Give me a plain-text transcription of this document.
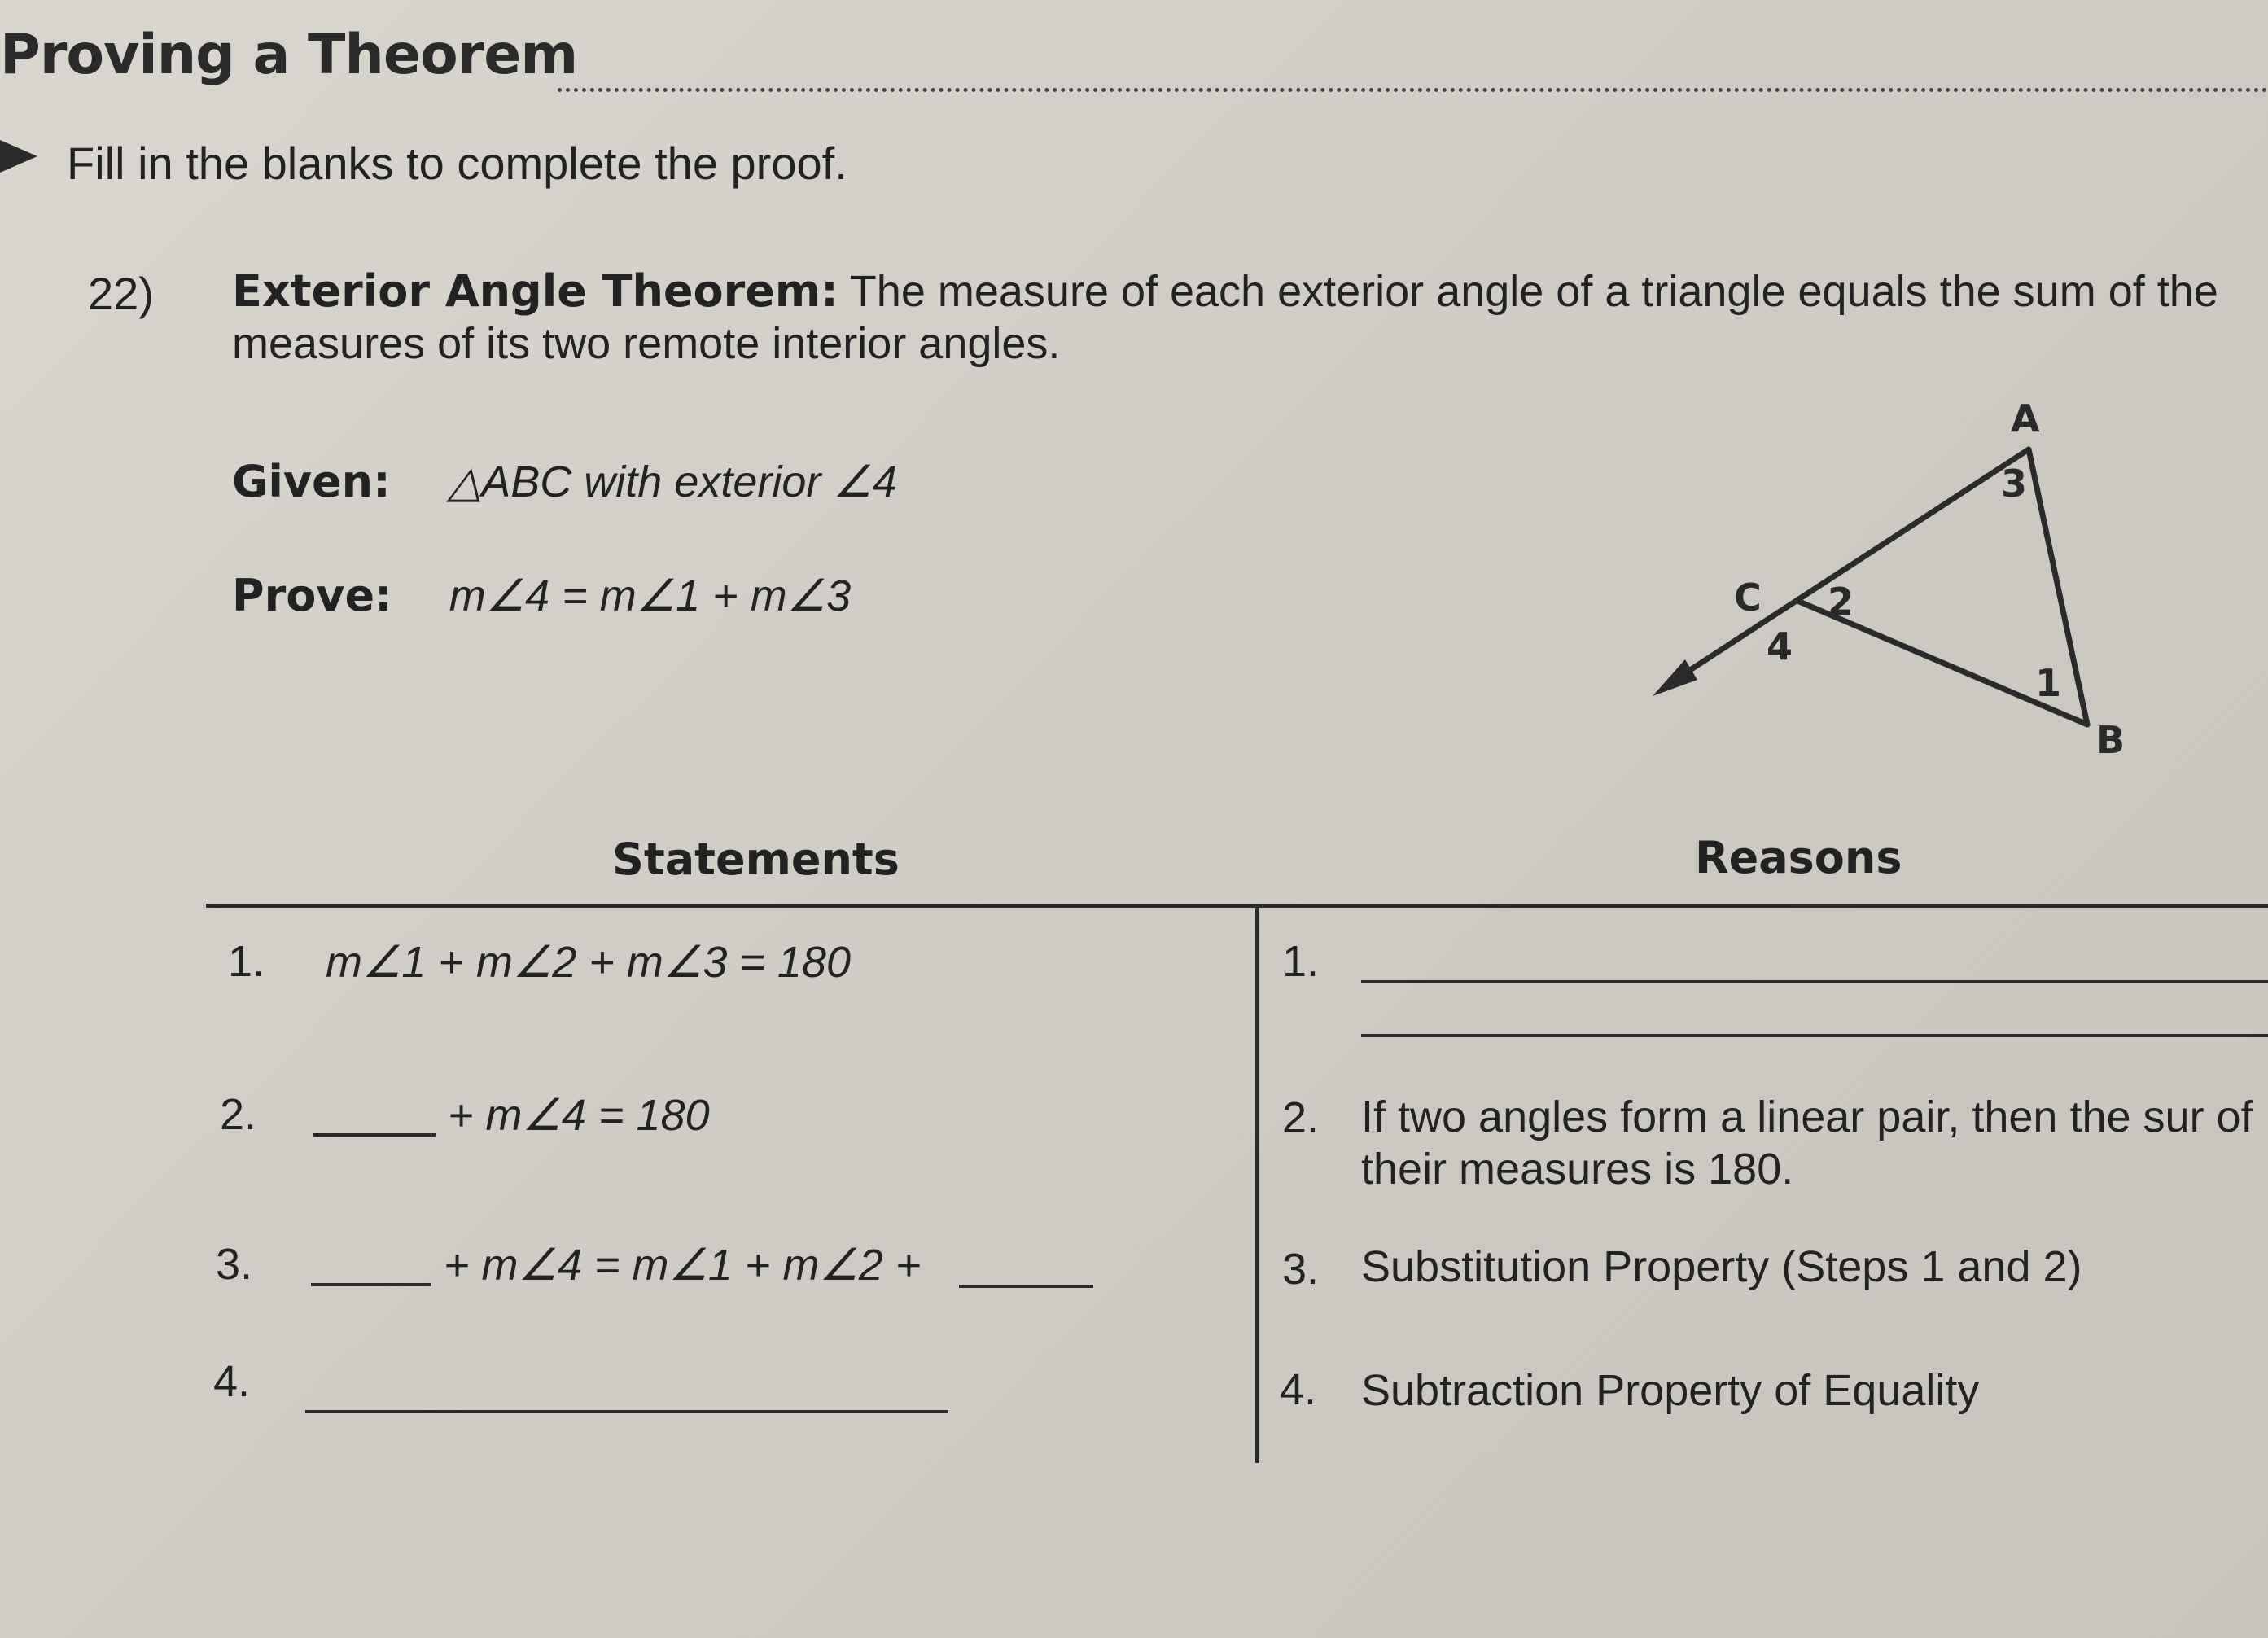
Proving a Theorem
Fill in the blanks to complete the proof.
22) Exterior Angle Theorem: The measure of each exterior angle of a triangle equals the sum of the measures of its two remote interior angles.
Given: △ABC with exterior ∠4
Prove: m∠4 = m∠1 + m∠3
A
B
C
3
2
4
1
Statements	Reasons
1. m∠1 + m∠2 + m∠3 = 180	1.
2.	+ m∠4 = 180	2. If two angles form a linear pair, then the sur of their measures is 180.
3.	+ m∠4 = m∠1 + m∠2 +	3. Substitution Property (Steps 1 and 2)
4.	4. Subtraction Property of Equality
